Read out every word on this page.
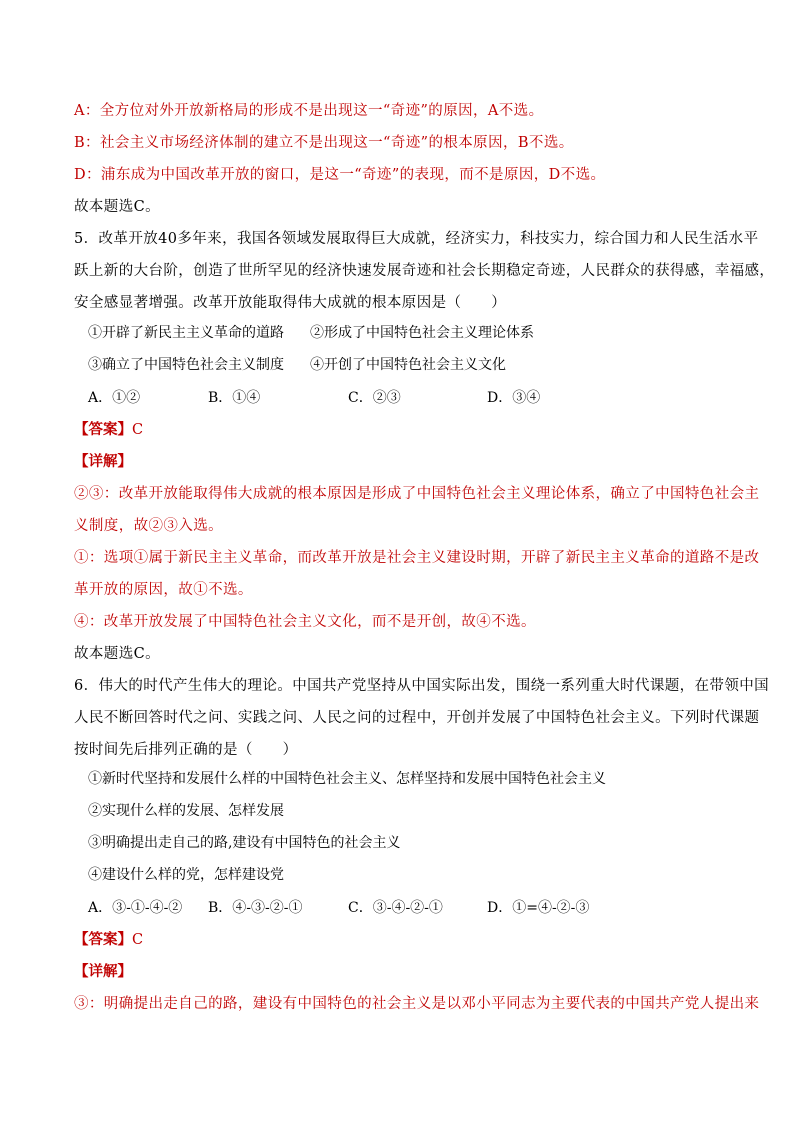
A：全方位对外开放新格局的形成不是出现这一“奇迹”的原因，A不选。
B：社会主义市场经济体制的建立不是出现这一“奇迹”的根本原因，B不选。
D：浦东成为中国改革开放的窗口，是这一“奇迹”的表现，而不是原因，D不选。
故本题选C。
5．改革开放40多年来，我国各领域发展取得巨大成就，经济实力，科技实力，综合国力和人民生活水平
跃上新的大台阶，创造了世所罕见的经济快速发展奇迹和社会长期稳定奇迹，人民群众的获得感，幸福感，
安全感显著增强。改革开放能取得伟大成就的根本原因是（　　）
①开辟了新民主主义革命的道路 ②形成了中国特色社会主义理论体系
③确立了中国特色社会主义制度 ④开创了中国特色社会主义文化
A．①②	B．①④	C．②③	D．③④
【答案】C
【详解】
②③：改革开放能取得伟大成就的根本原因是形成了中国特色社会主义理论体系，确立了中国特色社会主
义制度，故②③入选。
①：选项①属于新民主主义革命，而改革开放是社会主义建设时期，开辟了新民主主义革命的道路不是改
革开放的原因，故①不选。
④：改革开放发展了中国特色社会主义文化，而不是开创，故④不选。
故本题选C。
6．伟大的时代产生伟大的理论。中国共产党坚持从中国实际出发，围绕一系列重大时代课题，在带领中国
人民不断回答时代之问、实践之问、人民之问的过程中，开创并发展了中国特色社会主义。下列时代课题
按时间先后排列正确的是（　　）
①新时代坚持和发展什么样的中国特色社会主义、怎样坚持和发展中国特色社会主义
②实现什么样的发展、怎样发展
③明确提出走自己的路,建设有中国特色的社会主义
④建设什么样的党，怎样建设党
A．③-①-④-② B．④-③-②-①	C．③-④-②-①	D．①=④-②-③
【答案】C
【详解】
③：明确提出走自己的路，建设有中国特色的社会主义是以邓小平同志为主要代表的中国共产党人提出来
